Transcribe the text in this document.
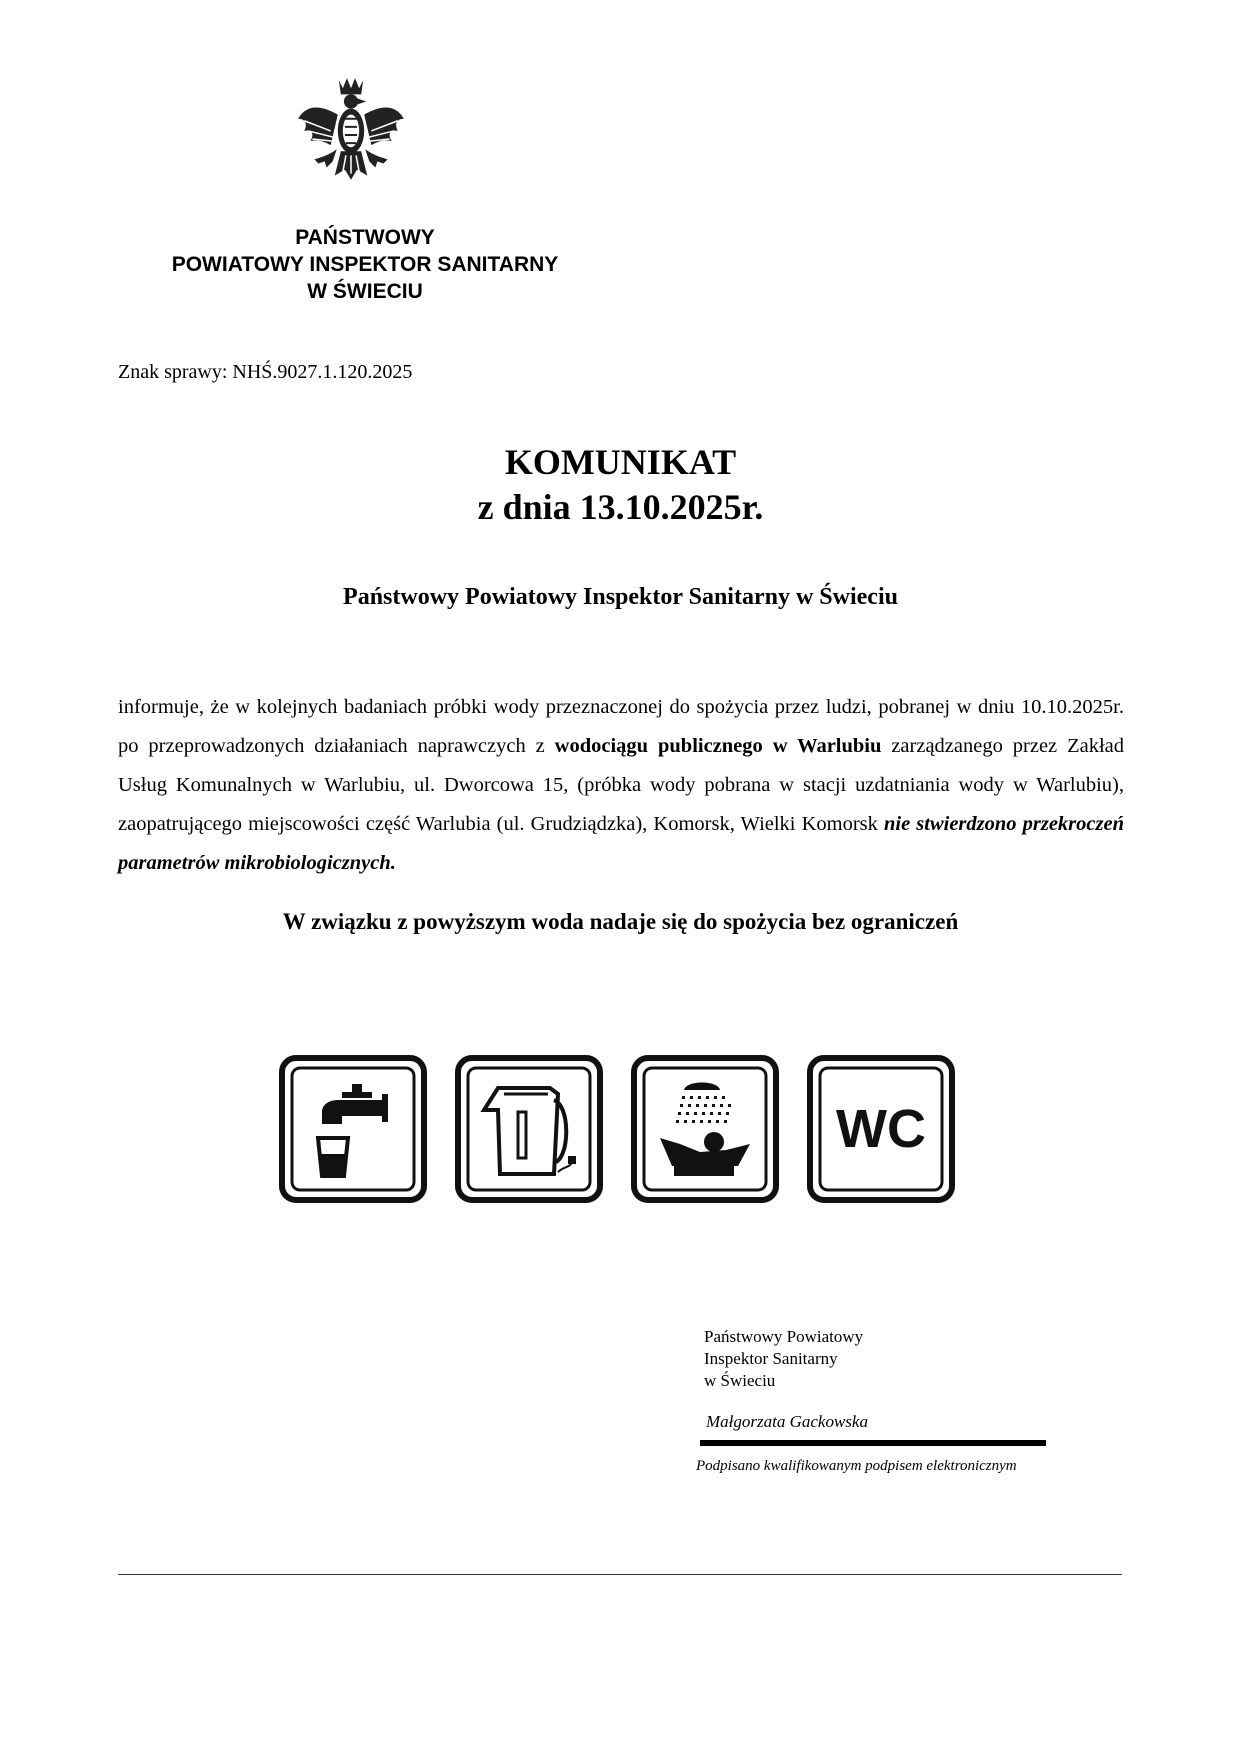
PAŃSTWOWY
POWIATOWY INSPEKTOR SANITARNY
W ŚWIECIU
Znak sprawy: NHŚ.9027.1.120.2025
KOMUNIKAT
z dnia 13.10.2025r.
Państwowy Powiatowy Inspektor Sanitarny w Świeciu
informuje, że w kolejnych badaniach próbki wody przeznaczonej do spożycia przez ludzi, pobranej w dniu 10.10.2025r. po przeprowadzonych działaniach naprawczych z wodociągu publicznego w Warlubiu zarządzanego przez Zakład Usług Komunalnych w Warlubiu, ul. Dworcowa 15, (próbka wody pobrana w stacji uzdatniania wody w Warlubiu), zaopatrującego miejscowości część Warlubia (ul. Grudziądzka), Komorsk, Wielki Komorsk nie stwierdzono przekroczeń parametrów mikrobiologicznych.
W związku z powyższym woda nadaje się do spożycia bez ograniczeń
WC
Państwowy Powiatowy
Inspektor Sanitarny
w Świeciu
Małgorzata Gackowska
Podpisano kwalifikowanym podpisem elektronicznym
